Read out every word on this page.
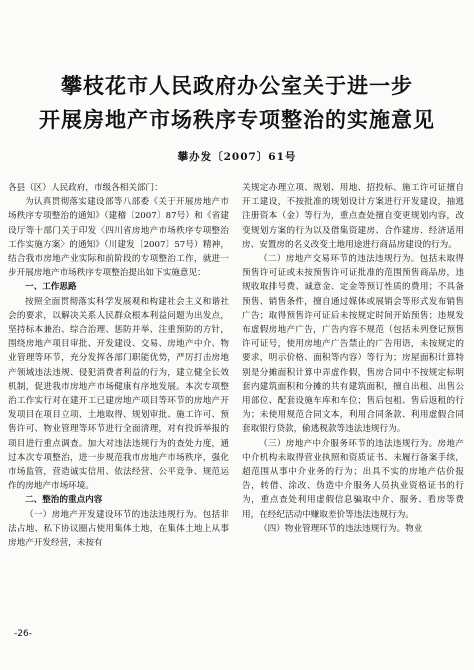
攀枝花市人民政府办公室关于进一步
开展房地产市场秩序专项整治的实施意见
攀办发〔2007〕61号

各县（区）人民政府，市级各相关部门：

为认真贯彻落实建设部等八部委《关于开展房地产市场秩序专项整治的通知》（建稽〔2007〕87号）和《省建设厅等十部门关于印发〈四川省房地产市场秩序专项整治工作实施方案〉的通知》（川建发〔2007〕57号）精神，结合我市房地产业实际和前阶段的专项整治工作，就进一步开展房地产市场秩序专项整治提出如下实施意见：

一、工作思路

按照全面贯彻落实科学发展观和构建社会主义和谐社会的要求，以解决关系人民群众根本利益问题为出发点，坚持标本兼治、综合治理、惩防并举、注重预防的方针，围绕房地产项目审批、开发建设、交易、房地产中介、物业管理等环节，充分发挥各部门职能优势，严厉打击房地产领域违法违规、侵犯消费者利益的行为，建立健全长效机制，促进我市房地产市场健康有序地发展。本次专项整治工作实行对在建开工已建房地产项目等环节的房地产开发项目在项目立项、土地取得、规划审批、施工许可、预售许可、物业管理等环节进行全面清理，对有投诉举报的项目进行重点调查。加大对违法违规行为的查处力度，通过本次专项整治，进一步规范我市房地产市场秩序，强化市场监管，营造诚实信用、依法经营、公平竞争、规范运作的房地产市场环境。

二、整治的重点内容

（一）房地产开发建设环节的违法违规行为。包括非法占地、私下协议圈占使用集体土地，在集体土地上从事房地产开发经营，未按有

关规定办理立项、规划、用地、招投标、施工许可证擅自开工建设，不按批准的规划设计方案进行开发建设，抽逃注册资本（金）等行为，重点查处擅自变更规划内容，改变规划方案的行为以及借集资建房、合作建房、经济适用房、安置房的名义改变土地用途进行商品房建设的行为。

（二）房地产交易环节的违法违规行为。包括未取得预售许可证或未按预售许可证批准的范围预售商品房，违规收取排号费、诚意金、定金等预订性质的费用；不具备预售、销售条件，擅自通过媒体或展销会等形式发布销售广告；取得预售许可证后未按规定时间开始预售；违规发布虚假房地产广告，广告内容不规范（包括未列登记预售许可证号，使用房地产广告禁止的广告用语，未按规定的要求，明示价格、面积等内容）等行为；房屋面积计算特别是分摊面积计算中弄虚作假，售房合同中不按规定标明套内建筑面积和分摊的共有建筑面积，擅自出租、出售公用部位、配套设施车库和车位；售后包租、售后返租的行为；未使用规范合同文本，利用合同条款、利用虚假合同套取银行贷款，偷逃税款等违法违规行为。

（三）房地产中介服务环节的违法违规行为。房地产中介机构未取得营业执照和资质证书、未履行备案手续，超范围从事中介业务的行为；出具不实的房地产估价报告，转借、涂改、伪造中介服务人员执业资格证书的行为，重点查处利用虚假信息骗取中介、服务、看房等费用，在经纪活动中赚取差价等违法违规行为。

（四）物业管理环节的违法违规行为。物业

-26-
